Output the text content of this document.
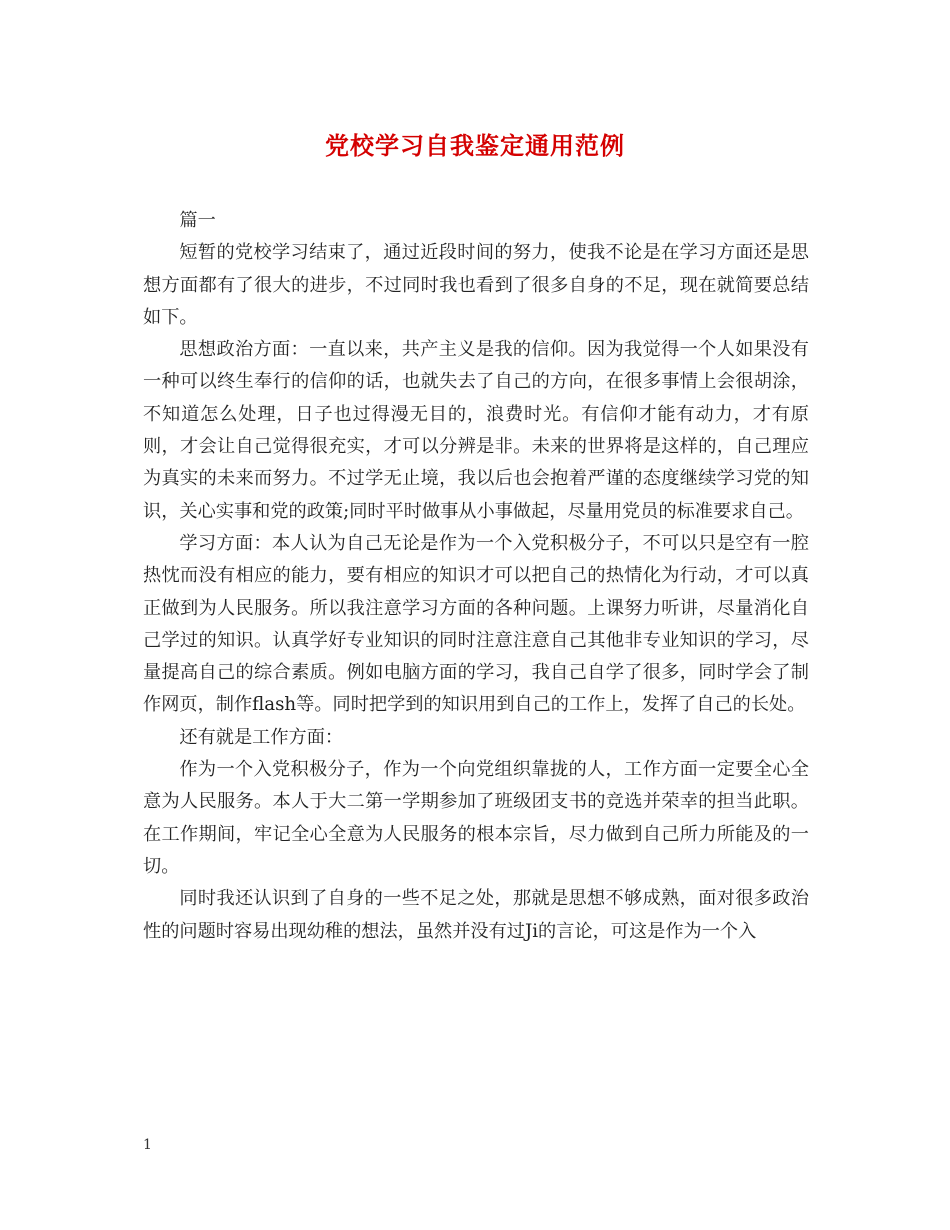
党校学习自我鉴定通用范例

篇一

短暂的党校学习结束了，通过近段时间的努力，使我不论是在学习方面还是思想方面都有了很大的进步，不过同时我也看到了很多自身的不足，现在就简要总结如下。

思想政治方面：一直以来，共产主义是我的信仰。因为我觉得一个人如果没有一种可以终生奉行的信仰的话，也就失去了自己的方向，在很多事情上会很胡涂，不知道怎么处理，日子也过得漫无目的，浪费时光。有信仰才能有动力，才有原则，才会让自己觉得很充实，才可以分辨是非。未来的世界将是这样的，自己理应为真实的未来而努力。不过学无止境，我以后也会抱着严谨的态度继续学习党的知识，关心实事和党的政策;同时平时做事从小事做起，尽量用党员的标准要求自己。

学习方面：本人认为自己无论是作为一个入党积极分子，不可以只是空有一腔热忱而没有相应的能力，要有相应的知识才可以把自己的热情化为行动，才可以真正做到为人民服务。所以我注意学习方面的各种问题。上课努力听讲，尽量消化自己学过的知识。认真学好专业知识的同时注意注意自己其他非专业知识的学习，尽量提高自己的综合素质。例如电脑方面的学习，我自己自学了很多，同时学会了制作网页，制作flash等。同时把学到的知识用到自己的工作上，发挥了自己的长处。

还有就是工作方面：

作为一个入党积极分子，作为一个向党组织靠拢的人，工作方面一定要全心全意为人民服务。本人于大二第一学期参加了班级团支书的竞选并荣幸的担当此职。在工作期间，牢记全心全意为人民服务的根本宗旨，尽力做到自己所力所能及的一切。

同时我还认识到了自身的一些不足之处，那就是思想不够成熟，面对很多政治性的问题时容易出现幼稚的想法，虽然并没有过Ji的言论，可这是作为一个入

1
